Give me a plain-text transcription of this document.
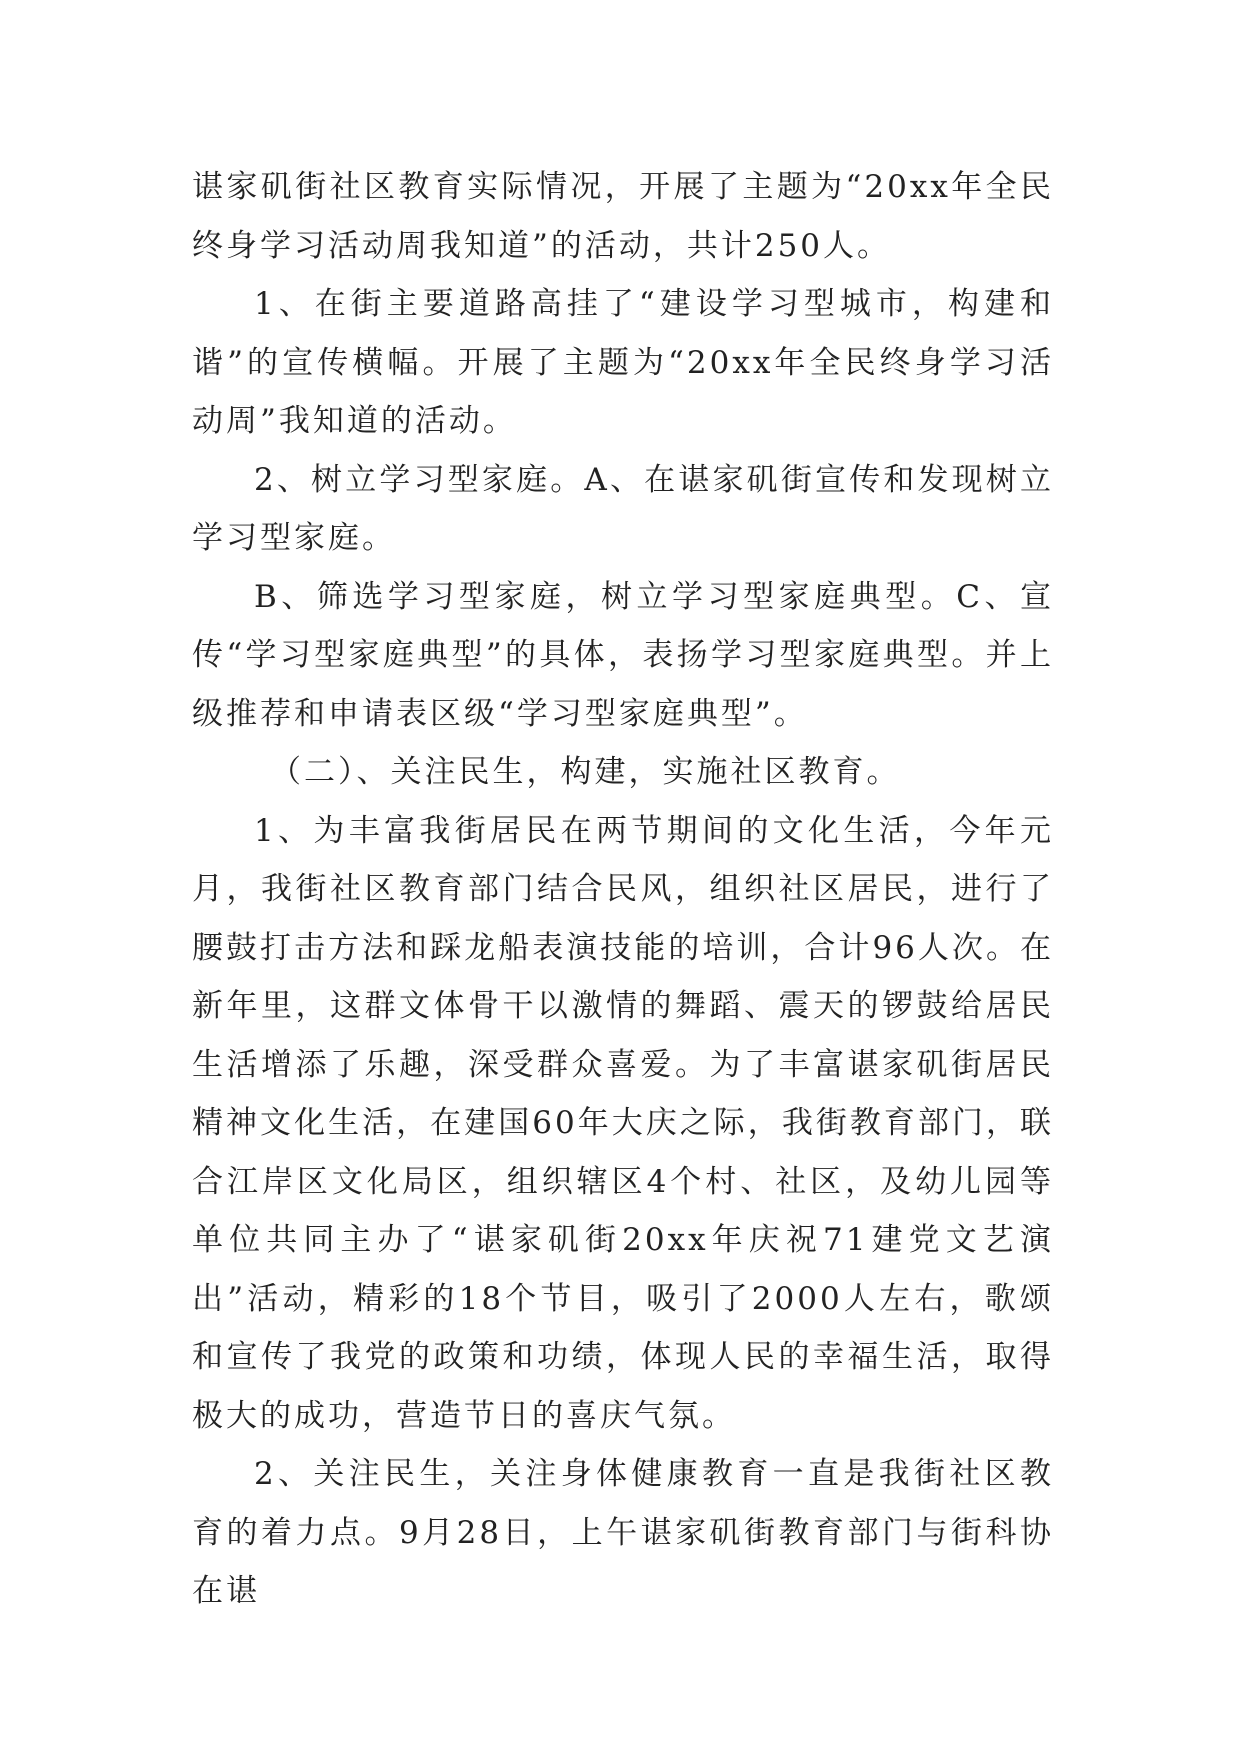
谌家矶街社区教育实际情况，开展了主题为“20xx年全民终身学习活动周我知道”的活动，共计250人。

1、在街主要道路高挂了“建设学习型城市，构建和谐”的宣传横幅。开展了主题为“20xx年全民终身学习活动周”我知道的活动。

2、树立学习型家庭。A、在谌家矶街宣传和发现树立学习型家庭。

B、筛选学习型家庭，树立学习型家庭典型。C、宣传“学习型家庭典型”的具体，表扬学习型家庭典型。并上级推荐和申请表区级“学习型家庭典型”。

（二）、关注民生，构建，实施社区教育。

1、为丰富我街居民在两节期间的文化生活，今年元月，我街社区教育部门结合民风，组织社区居民，进行了腰鼓打击方法和踩龙船表演技能的培训，合计96人次。在新年里，这群文体骨干以激情的舞蹈、震天的锣鼓给居民生活增添了乐趣，深受群众喜爱。为了丰富谌家矶街居民精神文化生活，在建国60年大庆之际，我街教育部门，联合江岸区文化局区，组织辖区4个村、社区，及幼儿园等单位共同主办了“谌家矶街20xx年庆祝71建党文艺演出”活动，精彩的18个节目，吸引了2000人左右，歌颂和宣传了我党的政策和功绩，体现人民的幸福生活，取得极大的成功，营造节日的喜庆气氛。

2、关注民生，关注身体健康教育一直是我街社区教育的着力点。9月28日，上午谌家矶街教育部门与街科协在谌
